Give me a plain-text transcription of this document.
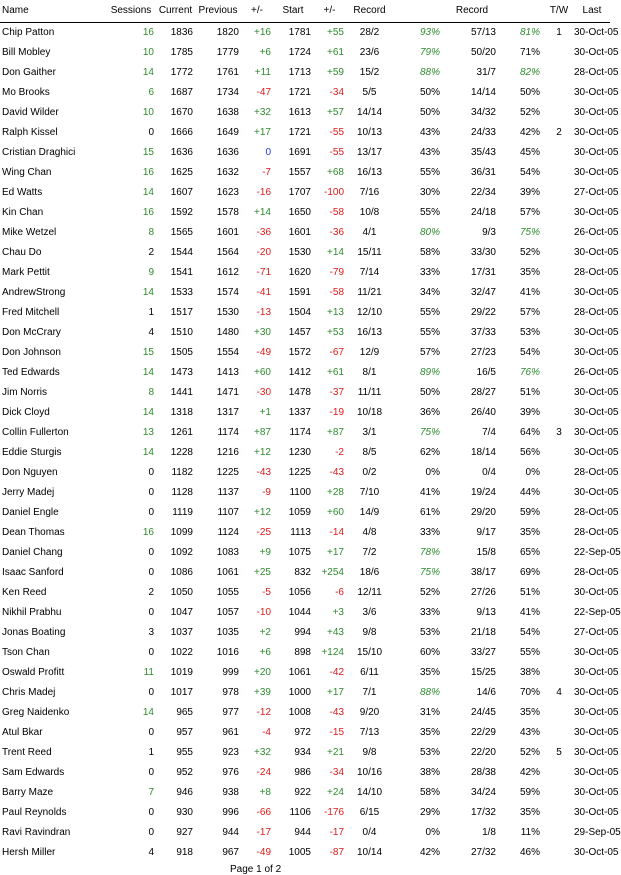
Name	Sessions	Current	Previous	+/-	Start	+/-	Record		Record		T/W	Last
Chip Patton	16	1836	1820	+16	1781	+55	28/2	93%	57/13	81%	1	30-Oct-05
Bill Mobley	10	1785	1779	+6	1724	+61	23/6	79%	50/20	71%		30-Oct-05
Don Gaither	14	1772	1761	+11	1713	+59	15/2	88%	31/7	82%		28-Oct-05
Mo Brooks	6	1687	1734	-47	1721	-34	5/5	50%	14/14	50%		30-Oct-05
David Wilder	10	1670	1638	+32	1613	+57	14/14	50%	34/32	52%		30-Oct-05
Ralph Kissel	0	1666	1649	+17	1721	-55	10/13	43%	24/33	42%	2	30-Oct-05
Cristian Draghici	15	1636	1636	0	1691	-55	13/17	43%	35/43	45%		30-Oct-05
Wing Chan	16	1625	1632	-7	1557	+68	16/13	55%	36/31	54%		30-Oct-05
Ed Watts	14	1607	1623	-16	1707	-100	7/16	30%	22/34	39%		27-Oct-05
Kin Chan	16	1592	1578	+14	1650	-58	10/8	55%	24/18	57%		30-Oct-05
Mike Wetzel	8	1565	1601	-36	1601	-36	4/1	80%	9/3	75%		26-Oct-05
Chau Do	2	1544	1564	-20	1530	+14	15/11	58%	33/30	52%		30-Oct-05
Mark Pettit	9	1541	1612	-71	1620	-79	7/14	33%	17/31	35%		28-Oct-05
AndrewStrong	14	1533	1574	-41	1591	-58	11/21	34%	32/47	41%		30-Oct-05
Fred Mitchell	1	1517	1530	-13	1504	+13	12/10	55%	29/22	57%		28-Oct-05
Don McCrary	4	1510	1480	+30	1457	+53	16/13	55%	37/33	53%		30-Oct-05
Don Johnson	15	1505	1554	-49	1572	-67	12/9	57%	27/23	54%		30-Oct-05
Ted Edwards	14	1473	1413	+60	1412	+61	8/1	89%	16/5	76%		26-Oct-05
Jim Norris	8	1441	1471	-30	1478	-37	11/11	50%	28/27	51%		30-Oct-05
Dick Cloyd	14	1318	1317	+1	1337	-19	10/18	36%	26/40	39%		30-Oct-05
Collin Fullerton	13	1261	1174	+87	1174	+87	3/1	75%	7/4	64%	3	30-Oct-05
Eddie Sturgis	14	1228	1216	+12	1230	-2	8/5	62%	18/14	56%		30-Oct-05
Don Nguyen	0	1182	1225	-43	1225	-43	0/2	0%	0/4	0%		28-Oct-05
Jerry Madej	0	1128	1137	-9	1100	+28	7/10	41%	19/24	44%		30-Oct-05
Daniel Engle	0	1119	1107	+12	1059	+60	14/9	61%	29/20	59%		28-Oct-05
Dean Thomas	16	1099	1124	-25	1113	-14	4/8	33%	9/17	35%		28-Oct-05
Daniel Chang	0	1092	1083	+9	1075	+17	7/2	78%	15/8	65%		22-Sep-05
Isaac Sanford	0	1086	1061	+25	832	+254	18/6	75%	38/17	69%		28-Oct-05
Ken Reed	2	1050	1055	-5	1056	-6	12/11	52%	27/26	51%		30-Oct-05
Nikhil Prabhu	0	1047	1057	-10	1044	+3	3/6	33%	9/13	41%		22-Sep-05
Jonas Boating	3	1037	1035	+2	994	+43	9/8	53%	21/18	54%		27-Oct-05
Tson Chan	0	1022	1016	+6	898	+124	15/10	60%	33/27	55%		30-Oct-05
Oswald Profitt	11	1019	999	+20	1061	-42	6/11	35%	15/25	38%		30-Oct-05
Chris Madej	0	1017	978	+39	1000	+17	7/1	88%	14/6	70%	4	30-Oct-05
Greg Naidenko	14	965	977	-12	1008	-43	9/20	31%	24/45	35%		30-Oct-05
Atul Bkar	0	957	961	-4	972	-15	7/13	35%	22/29	43%		30-Oct-05
Trent Reed	1	955	923	+32	934	+21	9/8	53%	22/20	52%	5	30-Oct-05
Sam Edwards	0	952	976	-24	986	-34	10/16	38%	28/38	42%		30-Oct-05
Barry Maze	7	946	938	+8	922	+24	14/10	58%	34/24	59%		30-Oct-05
Paul Reynolds	0	930	996	-66	1106	-176	6/15	29%	17/32	35%		30-Oct-05
Ravi Ravindran	0	927	944	-17	944	-17	0/4	0%	1/8	11%		29-Sep-05
Hersh Miller	4	918	967	-49	1005	-87	10/14	42%	27/32	46%		30-Oct-05
Page 1 of 2
